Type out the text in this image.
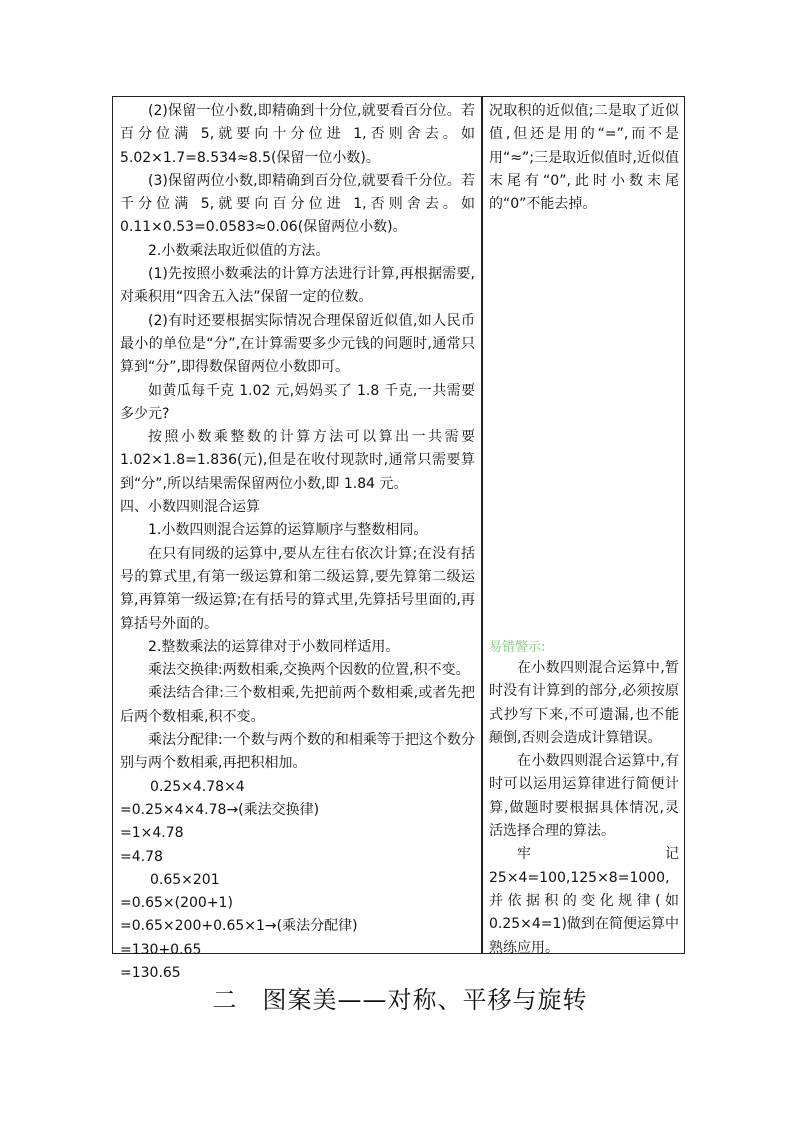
(2)保留一位小数,即精确到十分位,就要看百分位。若百分位满 5,就要向十分位进 1,否则舍去。如 5.02×1.7=8.534≈8.5(保留一位小数)。

(3)保留两位小数,即精确到百分位,就要看千分位。若千分位满 5,就要向百分位进 1,否则舍去。如 0.11×0.53=0.0583≈0.06(保留两位小数)。

2.小数乘法取近似值的方法。

(1)先按照小数乘法的计算方法进行计算,再根据需要,对乘积用“四舍五入法”保留一定的位数。

(2)有时还要根据实际情况合理保留近似值,如人民币最小的单位是“分”,在计算需要多少元钱的问题时,通常只算到“分”,即得数保留两位小数即可。

如黄瓜每千克 1.02 元,妈妈买了 1.8 千克,一共需要多少元?

按照小数乘整数的计算方法可以算出一共需要 1.02×1.8=1.836(元),但是在收付现款时,通常只需要算到“分”,所以结果需保留两位小数,即 1.84 元。

四、小数四则混合运算

1.小数四则混合运算的运算顺序与整数相同。

在只有同级的运算中,要从左往右依次计算;在没有括号的算式里,有第一级运算和第二级运算,要先算第二级运算,再算第一级运算;在有括号的算式里,先算括号里面的,再算括号外面的。

2.整数乘法的运算律对于小数同样适用。

乘法交换律:两数相乘,交换两个因数的位置,积不变。

乘法结合律:三个数相乘,先把前两个数相乘,或者先把后两个数相乘,积不变。

乘法分配律:一个数与两个数的和相乘等于把这个数分别与两个数相乘,再把积相加。

0.25×4.78×4

=0.25×4×4.78→(乘法交换律)

=1×4.78

=4.78

0.65×201

=0.65×(200+1)

=0.65×200+0.65×1→(乘法分配律)

=130+0.65

=130.65

况取积的近似值;二是取了近似值,但还是用的“=”,而不是用“≈”;三是取近似值时,近似值末尾有“0”,此时小数末尾的“0”不能去掉。

易错警示:

在小数四则混合运算中,暂时没有计算到的部分,必须按原式抄写下来,不可遗漏,也不能颠倒,否则会造成计算错误。

在小数四则混合运算中,有时可以运用运算律进行简便计算,做题时要根据具体情况,灵活选择合理的算法。

牢	记

25×4=100,125×8=1000,并依据积的变化规律(如 0.25×4=1)做到在简便运算中熟练应用。

二　图案美——对称、平移与旋转
